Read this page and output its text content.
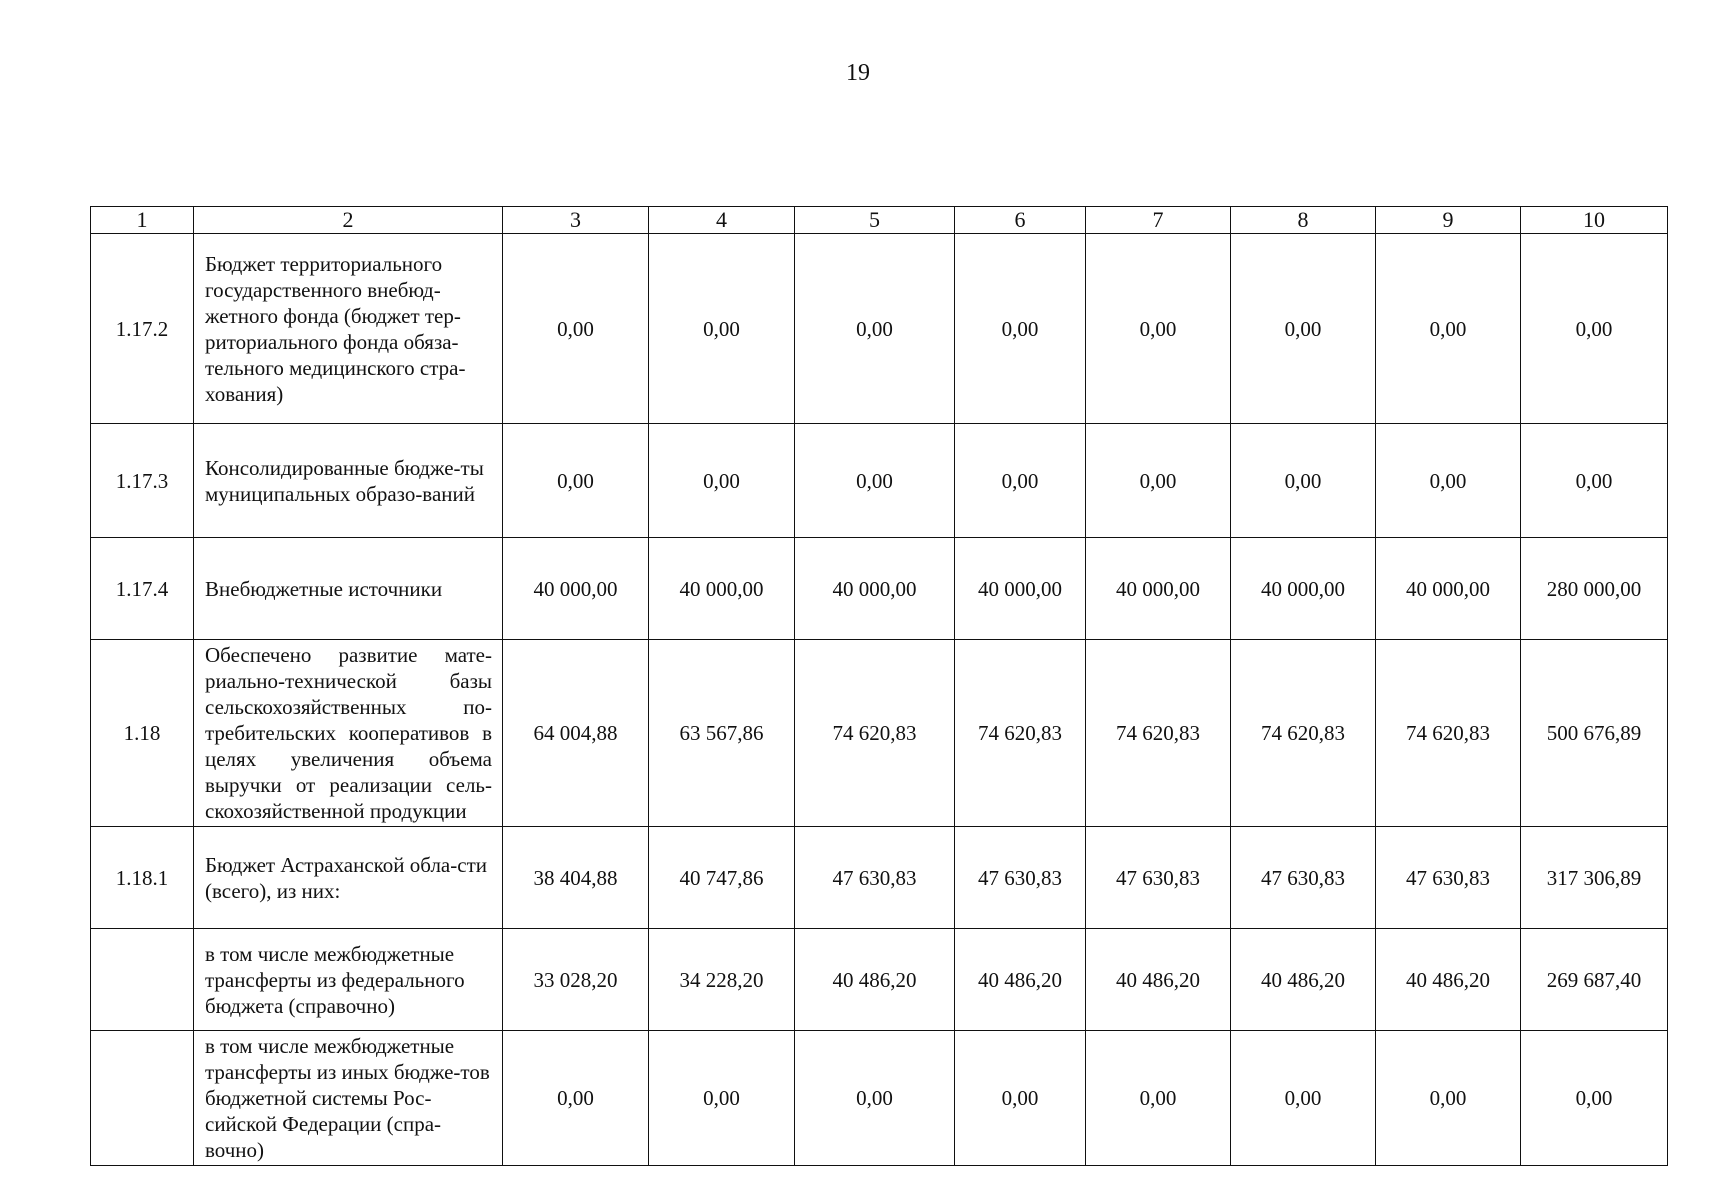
19
1	2	3	4	5	6	7	8	9	10
1.17.2	Бюджет территориального государственного внебюд-жетного фонда (бюджет тер-риториального фонда обяза-тельного медицинского стра-хования)	0,00	0,00	0,00	0,00	0,00	0,00	0,00	0,00
1.17.3	Консолидированные бюдже-ты муниципальных образо-ваний	0,00	0,00	0,00	0,00	0,00	0,00	0,00	0,00
1.17.4	Внебюджетные источники	40 000,00	40 000,00	40 000,00	40 000,00	40 000,00	40 000,00	40 000,00	280 000,00
1.18	Обеспечено развитие мате-риально-технической базы сельскохозяйственных по-требительских кооперативов в целях увеличения объема выручки от реализации сель-скохозяйственной продукции	64 004,88	63 567,86	74 620,83	74 620,83	74 620,83	74 620,83	74 620,83	500 676,89
1.18.1	Бюджет Астраханской обла-сти (всего), из них:	38 404,88	40 747,86	47 630,83	47 630,83	47 630,83	47 630,83	47 630,83	317 306,89
	в том числе межбюджетные трансферты из федерального бюджета (справочно)	33 028,20	34 228,20	40 486,20	40 486,20	40 486,20	40 486,20	40 486,20	269 687,40
	в том числе межбюджетные трансферты из иных бюдже-тов бюджетной системы Рос-сийской Федерации (спра-вочно)	0,00	0,00	0,00	0,00	0,00	0,00	0,00	0,00
